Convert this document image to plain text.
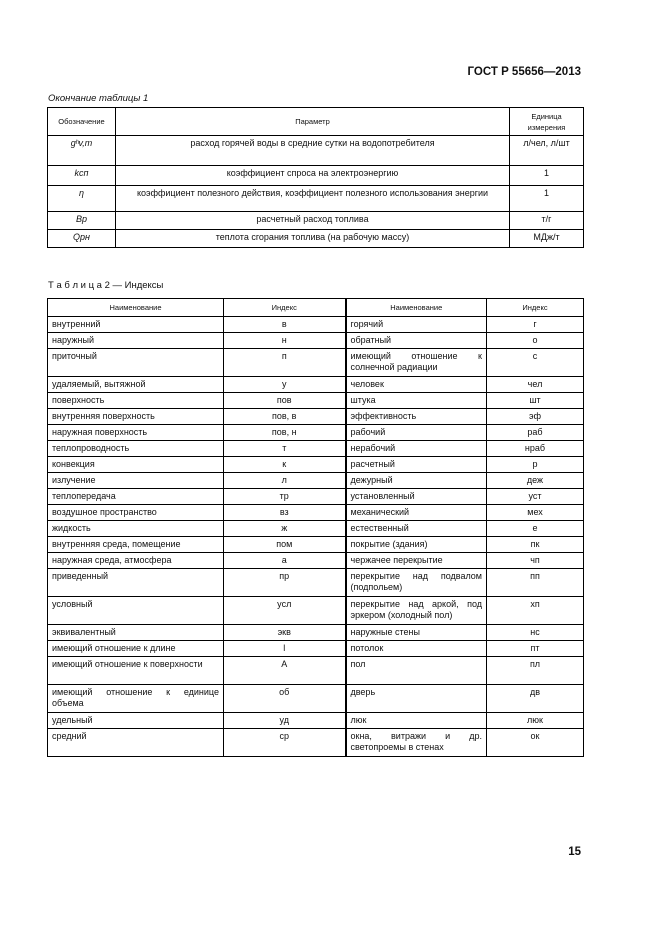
ГОСТ Р 55656—2013
Окончание таблицы 1
Обозначение	Параметр	Единица измерения
gʰv,m	расход горячей воды в средние сутки на водопотребителя	л/чел, л/шт
kсп	коэффициент спроса на электроэнергию	1
η	коэффициент полезного действия, коэффициент полезного использования энергии	1
Bр	расчетный расход топлива	т/г
Qрн	теплота сгорания топлива (на рабочую массу)	МДж/т
Т а б л и ц а 2 — Индексы
Наименование	Индекс	Наименование	Индекс
внутренний	в	горячий	г
наружный	н	обратный	о
приточный	п	имеющий отношение к солнечной радиации	с
удаляемый, вытяжной	у	человек	чел
поверхность	пов	штука	шт
внутренняя поверхность	пов, в	эффективность	эф
наружная поверхность	пов, н	рабочий	раб
теплопроводность	т	нерабочий	нраб
конвекция	к	расчетный	р
излучение	л	дежурный	деж
теплопередача	тр	установленный	уст
воздушное пространство	вз	механический	мех
жидкость	ж	естественный	е
внутренняя среда, помещение	пом	покрытие (здания)	пк
наружная среда, атмосфера	а	чержачее перекрытие	чп
приведенный	пр	перекрытие над подвалом (подпольем)	пп
условный	усл	перекрытие над аркой, под эркером (холодный пол)	хп
эквивалентный	экв	наружные стены	нс
имеющий отношение к длине	l	потолок	пт
имеющий отношение к поверхности	A	пол	пл
имеющий отношение к единице объема	об	дверь	дв
удельный	уд	люк	люк
средний	ср	окна, витражи и др. светопроемы в стенах	ок
15
